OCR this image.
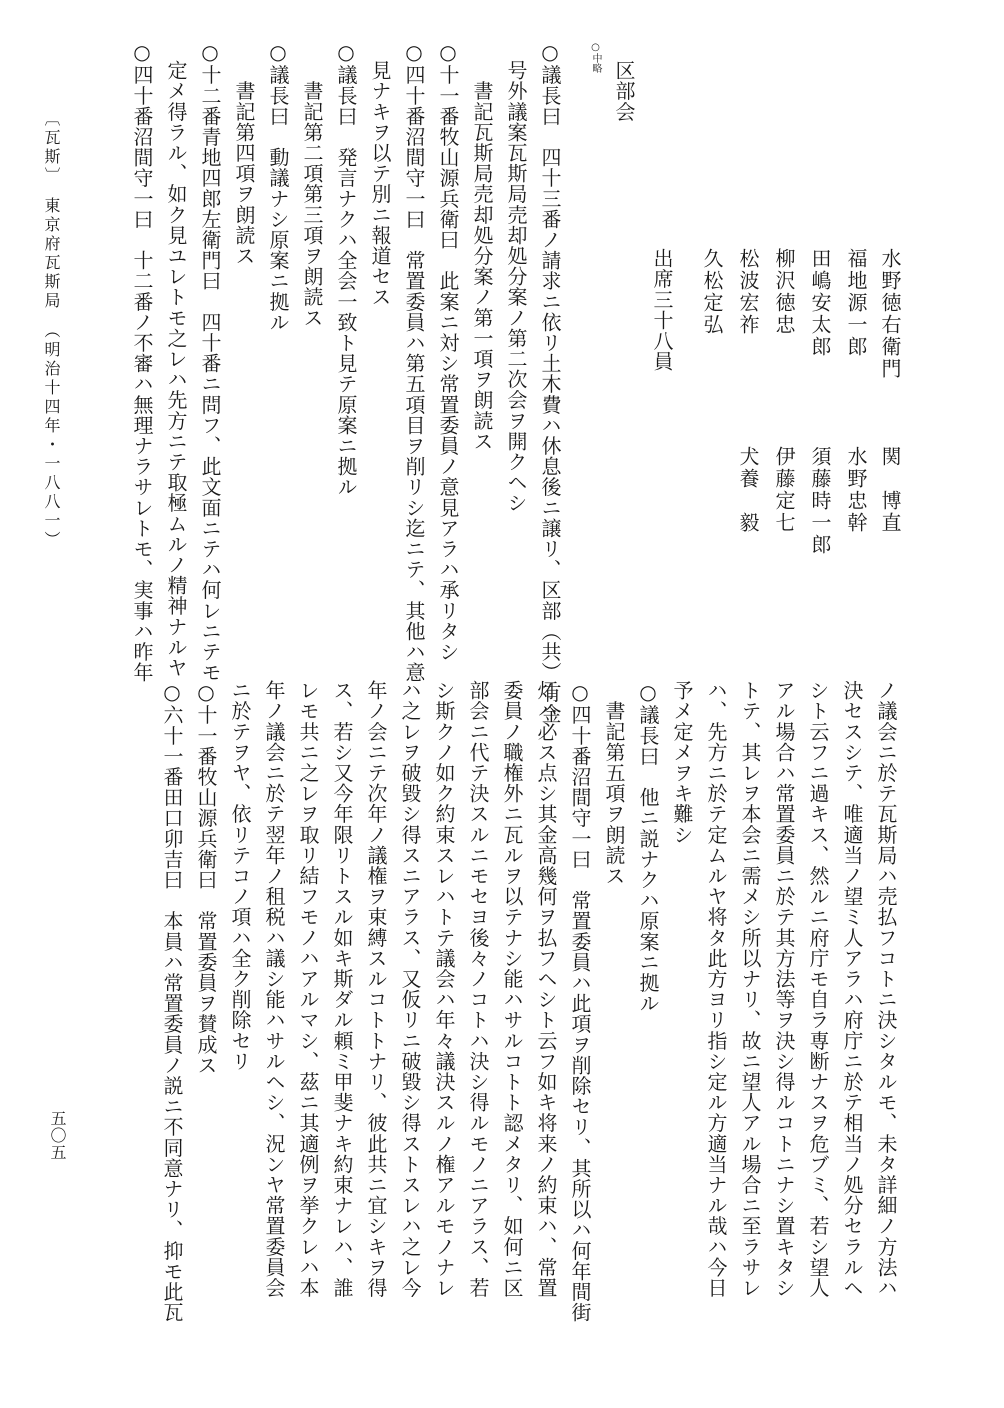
区部会
○中略
水野徳右衛門
福地源一郎
田嶋安太郎
柳沢徳忠
松波宏祚
久松定弘
関　博直
水野忠幹
須藤時一郎
伊藤定七
犬養　毅
出席三十八員
○議長曰　四十三番ノ請求ニ依リ土木費ハ休息後ニ譲リ、区部（共）有金
号外議案瓦斯局売却処分案ノ第二次会ヲ開クヘシ
　書記瓦斯局売却処分案ノ第一項ヲ朗読ス
○十一番牧山源兵衛曰　此案ニ対シ常置委員ノ意見アラハ承リタシ
○四十番沼間守一曰　常置委員ハ第五項目ヲ削リシ迄ニテ、其他ハ意
見ナキヲ以テ別ニ報道セス
○議長曰　発言ナクハ全会一致ト見テ原案ニ拠ル
　書記第二項第三項ヲ朗読ス
○議長曰　動議ナシ原案ニ拠ル
　書記第四項ヲ朗読ス
○十二番青地四郎左衛門曰　四十番ニ問フ、此文面ニテハ何レニテモ
定メ得ラル、如ク見ユレトモ之レハ先方ニテ取極ムルノ精神ナルヤ
○四十番沼間守一曰　十二番ノ不審ハ無理ナラサレトモ、実事ハ昨年
ノ議会ニ於テ瓦斯局ハ売払フコトニ決シタルモ、未タ詳細ノ方法ハ
決セスシテ、唯適当ノ望ミ人アラハ府庁ニ於テ相当ノ処分セラルヘ
シト云フニ過キス、然ルニ府庁モ自ラ専断ナスヲ危ブミ、若シ望人
アル場合ハ常置委員ニ於テ其方法等ヲ決シ得ルコトニナシ置キタシ
トテ、其レヲ本会ニ需メシ所以ナリ、故ニ望人アル場合ニ至ラサレ
ハ、先方ニ於テ定ムルヤ将タ此方ヨリ指シ定ル方適当ナル哉ハ今日
予メ定メヲキ難シ
○議長曰　他ニ説ナクハ原案ニ拠ル
　書記第五項ヲ朗読ス
○四十番沼間守一曰　常置委員ハ此項ヲ削除セリ、其所以ハ何年間街
灯ハ必ス点シ其金高幾何ヲ払フヘシト云フ如キ将来ノ約束ハ、常置
委員ノ職権外ニ瓦ルヲ以テナシ能ハサルコトト認メタリ、如何ニ区
部会ニ代テ決スルニモセヨ後々ノコトハ決シ得ルモノニアラス、若
シ斯クノ如ク約束スレハトテ議会ハ年々議決スルノ権アルモノナレ
ハ之レヲ破毀シ得スニアラス、又仮リニ破毀シ得ストスレハ之レ今
年ノ会ニテ次年ノ議権ヲ束縛スルコトトナリ、彼此共ニ宜シキヲ得
ス、若シ又今年限リトスル如キ斯ダル頼ミ甲斐ナキ約束ナレハ、誰
レモ共ニ之レヲ取リ結フモノハアルマシ、茲ニ其適例ヲ挙クレハ本
年ノ議会ニ於テ翌年ノ租税ハ議シ能ハサルヘシ、況ンヤ常置委員会
ニ於テヲヤ、依リテコノ項ハ全ク削除セリ
○十一番牧山源兵衛曰　常置委員ヲ賛成ス
○六十一番田口卯吉曰　本員ハ常置委員ノ説ニ不同意ナリ、抑モ此瓦
〔瓦斯〕　東京府瓦斯局　（明治十四年・一八八一）
五〇五
